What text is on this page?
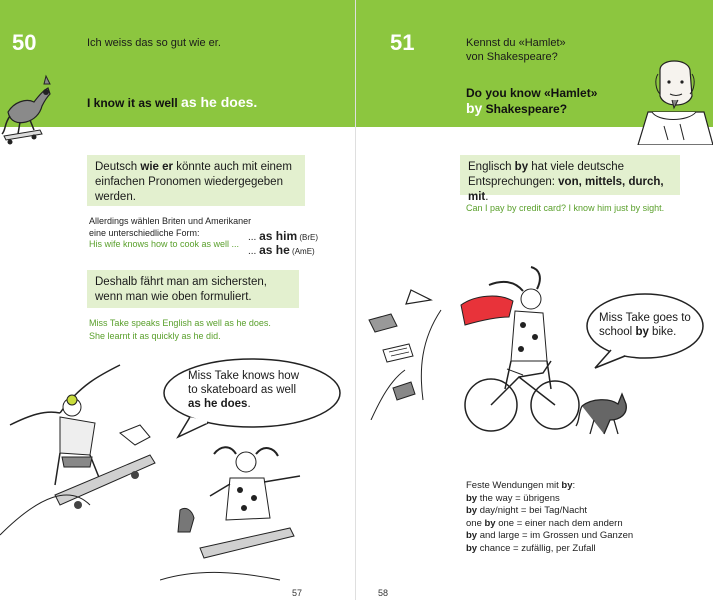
50	Ich weiss das so gut wie er.
I know it as well as he does.
Deutsch wie er könnte auch mit einem einfachen Pronomen wiedergegeben werden.
Allerdings wählen Briten und Amerikaner
eine unterschiedliche Form:
His wife knows how to cook as well ...
... as him (BrE)
... as he (AmE)
Deshalb fährt man am sichersten, wenn man wie oben formuliert.
Miss Take speaks English as well as he does.
She learnt it as quickly as he did.
Miss Take knows how
to skateboard as well
as he does.
57
51	Kennst du «Hamlet»
von Shakespeare?
Do you know «Hamlet»
by Shakespeare?
Englisch by hat viele deutsche Entsprechungen: von, mittels, durch, mit.
Can I pay by credit card? I know him just by sight.
Miss Take goes to
school by bike.
Feste Wendungen mit by:
by the way = übrigens
by day/night = bei Tag/Nacht
one by one = einer nach dem andern
by and large = im Grossen und Ganzen
by chance = zufällig, per Zufall
58
